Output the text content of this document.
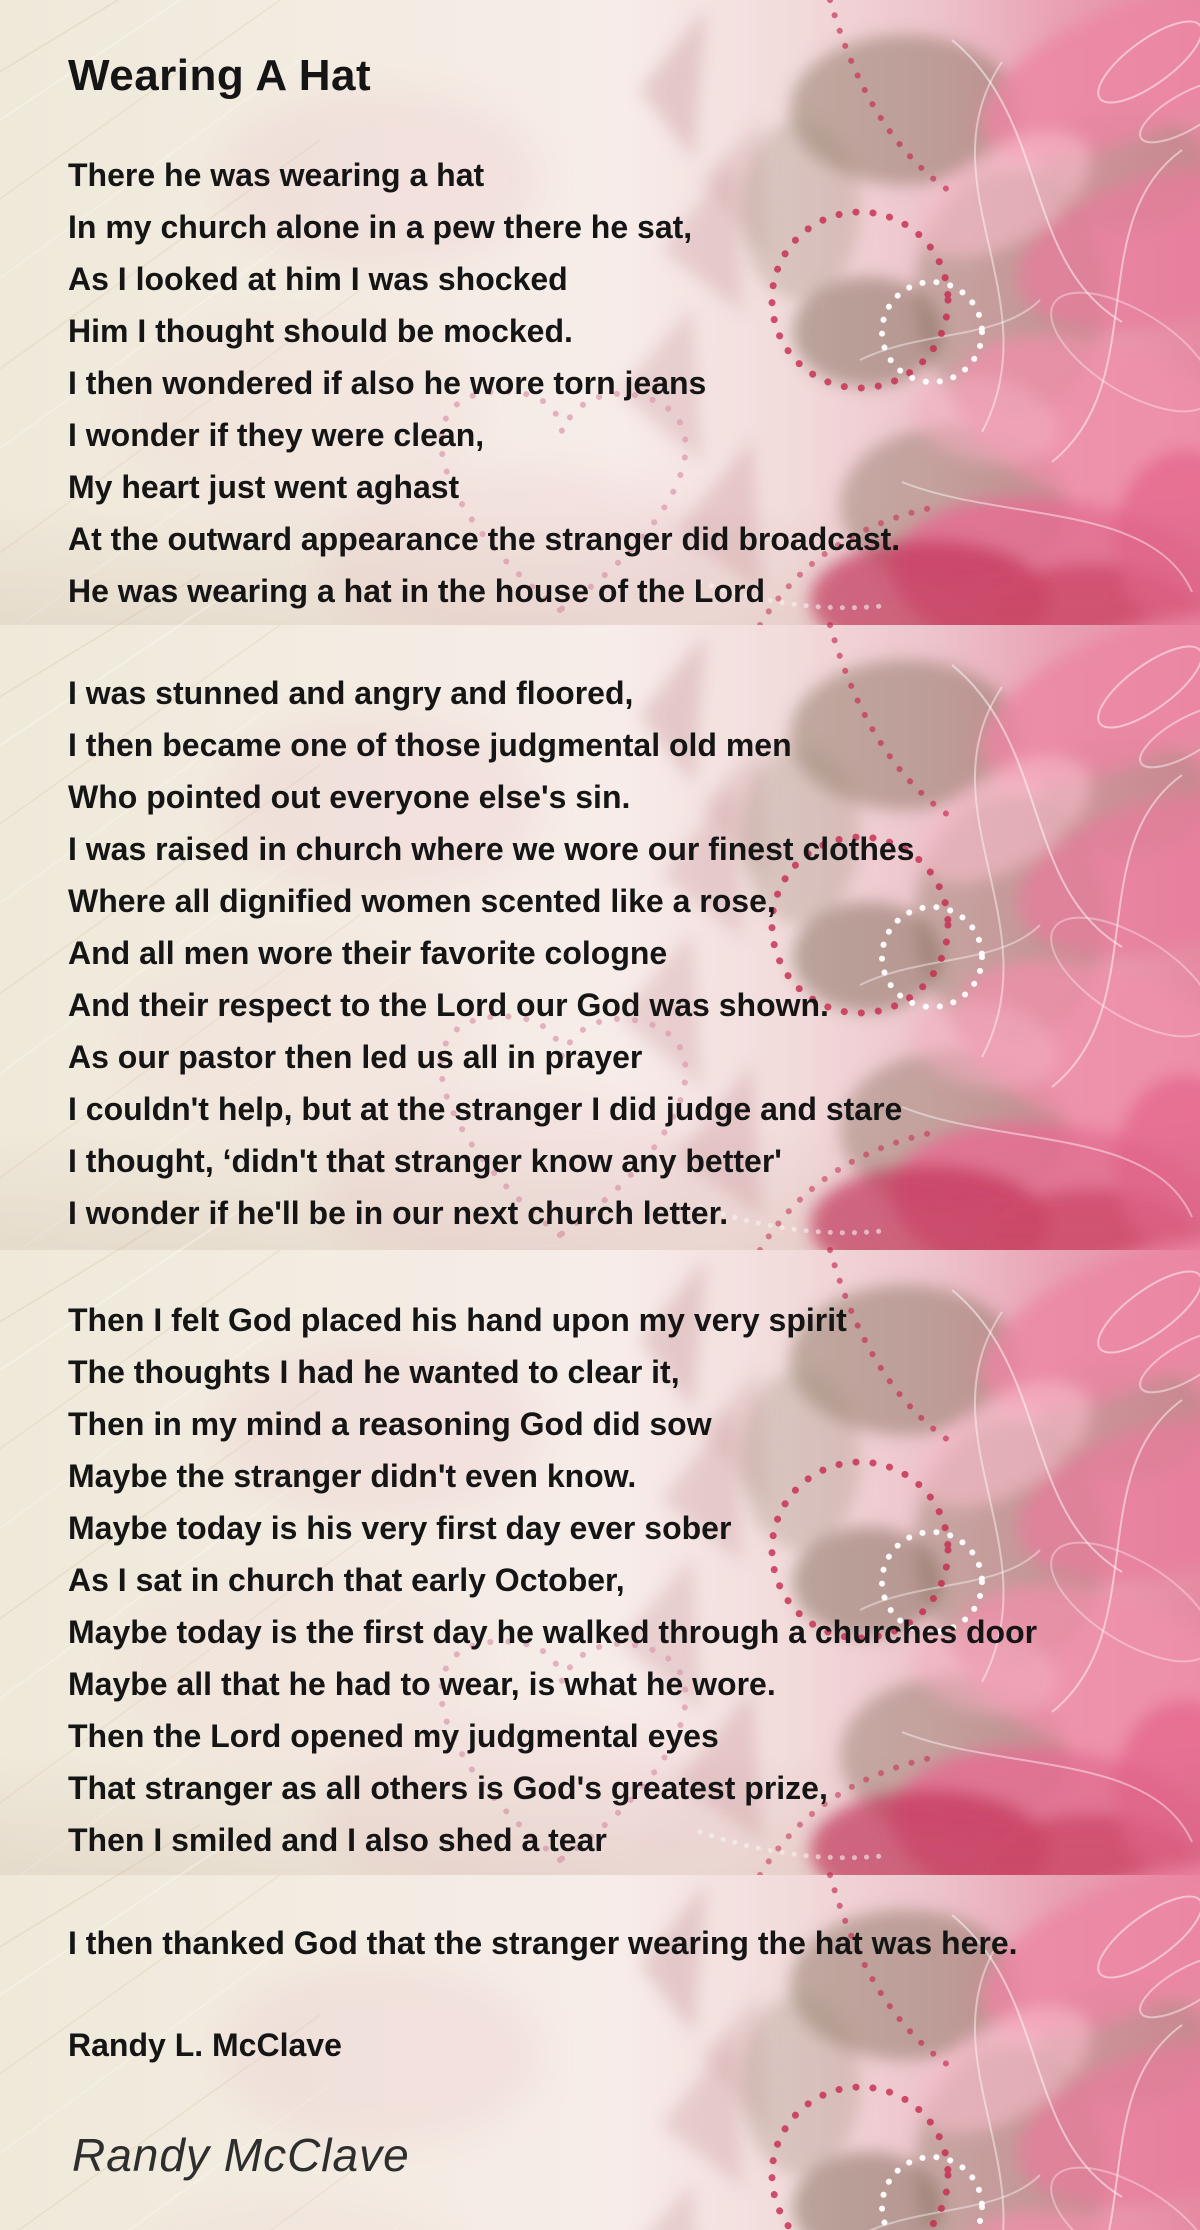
Wearing A Hat
There he was wearing a hat
In my church alone in a pew there he sat,
As I looked at him I was shocked
Him I thought should be mocked.
I then wondered if also he wore torn jeans
I wonder if they were clean,
My heart just went aghast
At the outward appearance the stranger did broadcast.
He was wearing a hat in the house of the Lord
I was stunned and angry and floored,
I then became one of those judgmental old men
Who pointed out everyone else's sin.
I was raised in church where we wore our finest clothes
Where all dignified women scented like a rose,
And all men wore their favorite cologne
And their respect to the Lord our God was shown.
As our pastor then led us all in prayer
I couldn't help, but at the stranger I did judge and stare
I thought, ‘didn't that stranger know any better'
I wonder if he'll be in our next church letter.
Then I felt God placed his hand upon my very spirit
The thoughts I had he wanted to clear it,
Then in my mind a reasoning God did sow
Maybe the stranger didn't even know.
Maybe today is his very first day ever sober
As I sat in church that early October,
Maybe today is the first day he walked through a churches door
Maybe all that he had to wear, is what he wore.
Then the Lord opened my judgmental eyes
That stranger as all others is God's greatest prize,
Then I smiled and I also shed a tear
I then thanked God that the stranger wearing the hat was here.
Randy L. McClave
Randy McClave
